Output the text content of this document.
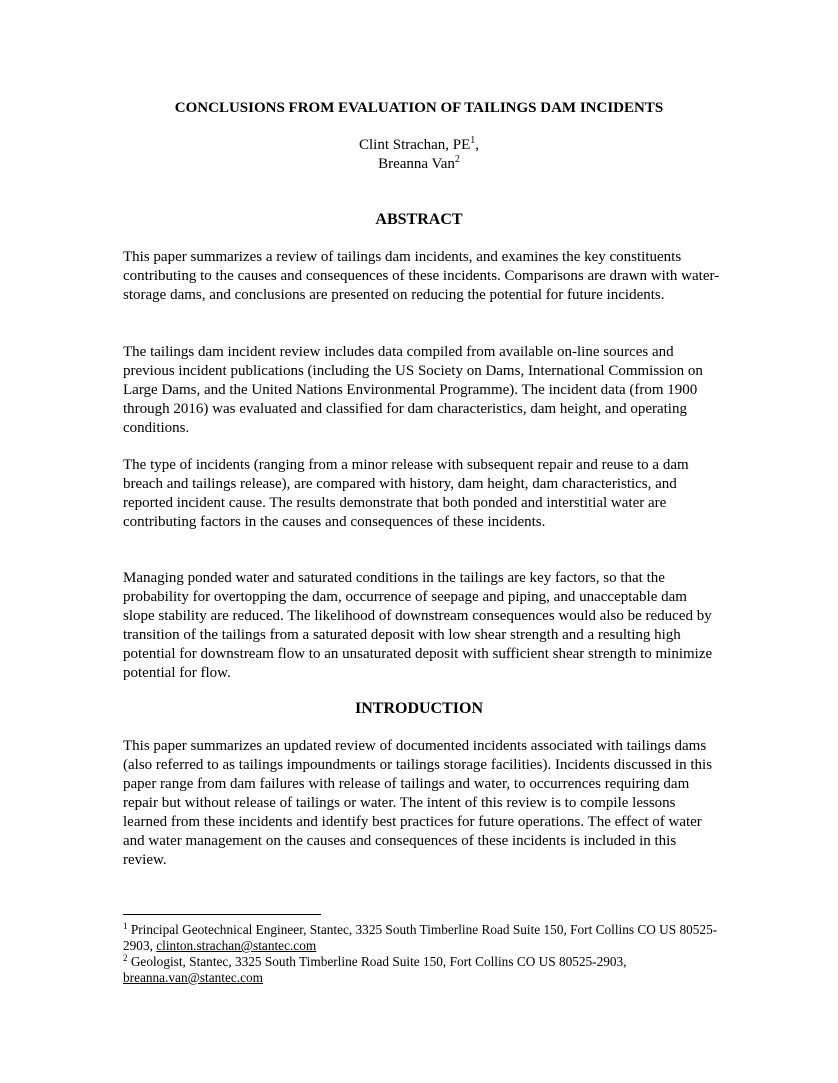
CONCLUSIONS FROM EVALUATION OF TAILINGS DAM INCIDENTS
Clint Strachan, $PE^1$,
Breanna Van$^2$
ABSTRACT

This paper summarizes a review of tailings dam incidents, and examines the key constituents contributing to the causes and consequences of these incidents. Comparisons are drawn with water-storage dams, and conclusions are presented on reducing the potential for future incidents.

The tailings dam incident review includes data compiled from available on-line sources and previous incident publications (including the US Society on Dams, International Commission on Large Dams, and the United Nations Environmental Programme). The incident data (from 1900 through 2016) was evaluated and classified for dam characteristics, dam height, and operating conditions.

The type of incidents (ranging from a minor release with subsequent repair and reuse to a dam breach and tailings release), are compared with history, dam height, dam characteristics, and reported incident cause. The results demonstrate that both ponded and interstitial water are contributing factors in the causes and consequences of these incidents.

Managing ponded water and saturated conditions in the tailings are key factors, so that the probability for overtopping the dam, occurrence of seepage and piping, and unacceptable dam slope stability are reduced. The likelihood of downstream consequences would also be reduced by transition of the tailings from a saturated deposit with low shear strength and a resulting high potential for downstream flow to an unsaturated deposit with sufficient shear strength to minimize potential for flow.

INTRODUCTION

This paper summarizes an updated review of documented incidents associated with tailings dams (also referred to as tailings impoundments or tailings storage facilities). Incidents discussed in this paper range from dam failures with release of tailings and water, to occurrences requiring dam repair but without release of tailings or water. The intent of this review is to compile lessons learned from these incidents and identify best practices for future operations. The effect of water and water management on the causes and consequences of these incidents is included in this review.

$^1$ Principal Geotechnical Engineer, Stantec, 3325 South Timberline Road Suite 150, Fort Collins CO US 80525-2903, clinton.strachan@stantec.com
$^2$ Geologist, Stantec, 3325 South Timberline Road Suite 150, Fort Collins CO US 80525-2903, breanna.van@stantec.com
